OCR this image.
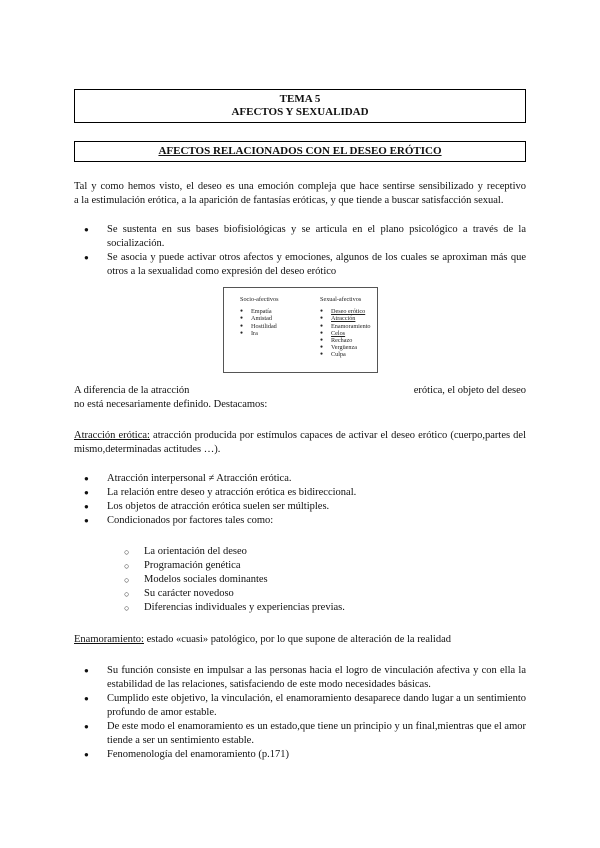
TEMA 5
AFECTOS Y SEXUALIDAD
AFECTOS RELACIONADOS CON EL DESEO ERÓTICO
Tal y como hemos visto, el deseo es una emoción compleja que hace sentirse sensibilizado y receptivo
a la estimulación erótica, a la aparición de fantasías eróticas, y que tiende a buscar satisfacción sexual.
● Se sustenta en sus bases biofisiológicas y se articula en el plano psicológico a través de la socialización.
● Se asocia y puede activar otros afectos y emociones, algunos de los cuales se aproximan más que otros a la sexualidad como expresión del deseo erótico
Socio-afectivos
● Empatía
● Amistad
● Hostilidad
● Ira
Sexual-afectivos
● Deseo erótico
● Atracción
● Enamoramiento
● Celos
● Rechazo
● Vergüenza
● Culpa
A diferencia de la atracción	erótica, el objeto del deseo
no está necesariamente definido. Destacamos:
Atracción erótica: atracción producida por estímulos capaces de activar el deseo erótico (cuerpo,partes del mismo,determinadas actitudes …).
● Atracción interpersonal ≠ Atracción erótica.
● La relación entre deseo y atracción erótica es bidireccional.
● Los objetos de atracción erótica suelen ser múltiples.
● Condicionados por factores tales como:
○ La orientación del deseo
○ Programación genética
○ Modelos sociales dominantes
○ Su carácter novedoso
○ Diferencias individuales y experiencias previas.
Enamoramiento: estado «cuasi» patológico, por lo que supone de alteración de la realidad
● Su función consiste en impulsar a las personas hacia el logro de vinculación afectiva y con ella la estabilidad de las relaciones, satisfaciendo de este modo necesidades básicas.
● Cumplido este objetivo, la vinculación, el enamoramiento desaparece dando lugar a un sentimiento profundo de amor estable.
● De este modo el enamoramiento es un estado,que tiene un principio y un final,mientras que el amor tiende a ser un sentimiento estable.
● Fenomenología del enamoramiento (p.171)
